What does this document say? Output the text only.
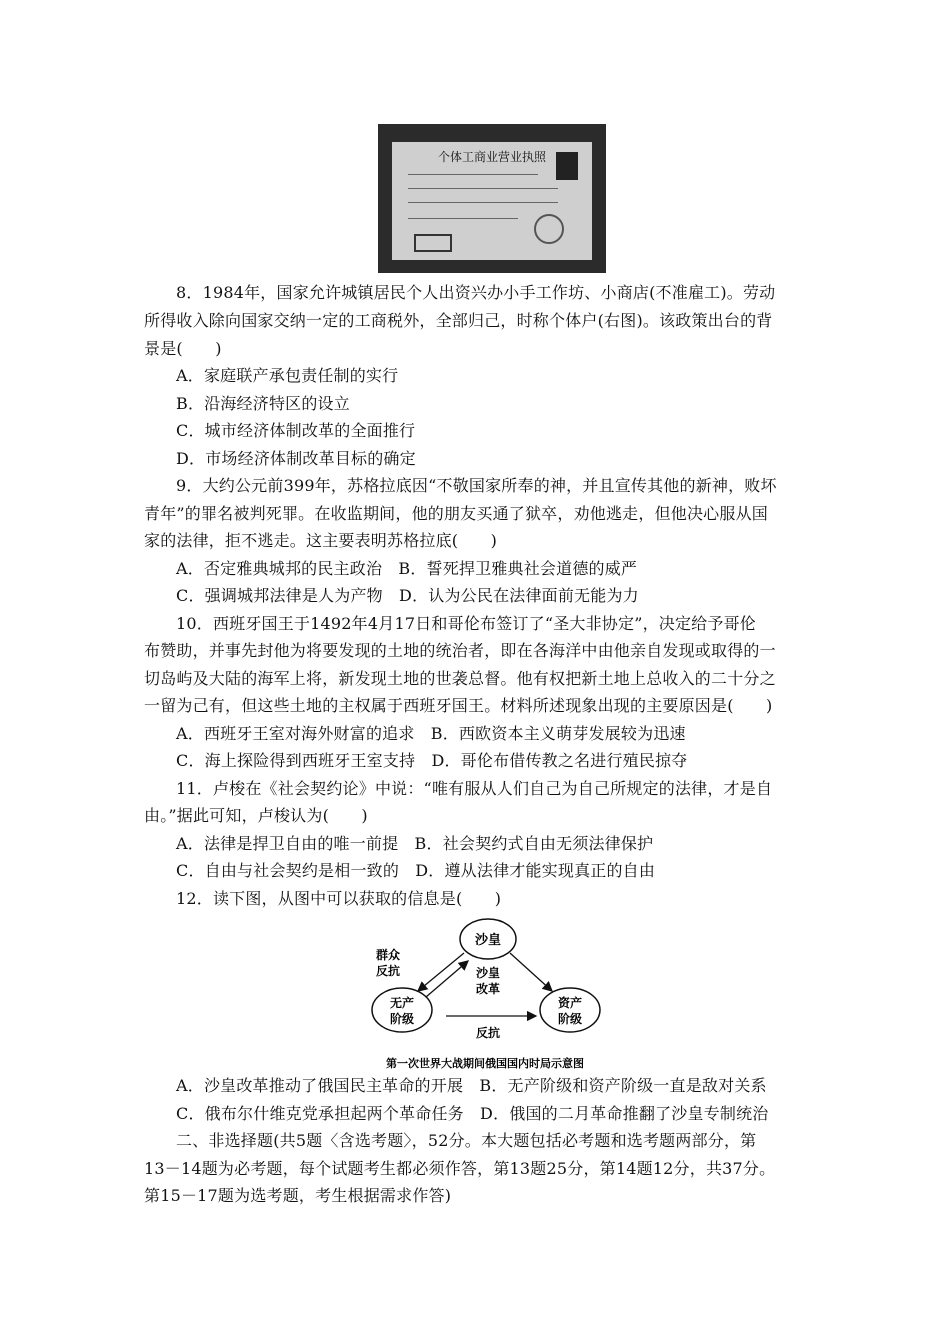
个体工商业营业执照
8．1984年，国家允许城镇居民个人出资兴办小手工作坊、小商店(不准雇工)。劳动
所得收入除向国家交纳一定的工商税外，全部归己，时称个体户(右图)。该政策出台的背
景是(　　)
A．家庭联产承包责任制的实行
B．沿海经济特区的设立
C．城市经济体制改革的全面推行
D．市场经济体制改革目标的确定
9．大约公元前399年，苏格拉底因“不敬国家所奉的神，并且宣传其他的新神，败坏
青年”的罪名被判死罪。在收监期间，他的朋友买通了狱卒，劝他逃走，但他决心服从国
家的法律，拒不逃走。这主要表明苏格拉底(　　)
A．否定雅典城邦的民主政治　B．誓死捍卫雅典社会道德的威严
C．强调城邦法律是人为产物　D．认为公民在法律面前无能为力
10．西班牙国王于1492年4月17日和哥伦布签订了“圣大非协定”，决定给予哥伦
布赞助，并事先封他为将要发现的土地的统治者，即在各海洋中由他亲自发现或取得的一
切岛屿及大陆的海军上将，新发现土地的世袭总督。他有权把新土地上总收入的二十分之
一留为己有，但这些土地的主权属于西班牙国王。材料所述现象出现的主要原因是(　　)
A．西班牙王室对海外财富的追求　B．西欧资本主义萌芽发展较为迅速
C．海上探险得到西班牙王室支持　D．哥伦布借传教之名进行殖民掠夺
11．卢梭在《社会契约论》中说：“唯有服从人们自己为自己所规定的法律，才是自
由。”据此可知，卢梭认为(　　)
A．法律是捍卫自由的唯一前提　B．社会契约式自由无须法律保护
C．自由与社会契约是相一致的　D．遵从法律才能实现真正的自由
12．读下图，从图中可以获取的信息是(　　)
沙皇
无产
阶级
资产
阶级
群众
反抗	沙皇
改革
反抗
第一次世界大战期间俄国国内时局示意图
A．沙皇改革推动了俄国民主革命的开展　B．无产阶级和资产阶级一直是敌对关系
C．俄布尔什维克党承担起两个革命任务　D．俄国的二月革命推翻了沙皇专制统治
二、非选择题(共5题〈含选考题〉，52分。本大题包括必考题和选考题两部分，第
13－14题为必考题，每个试题考生都必须作答，第13题25分，第14题12分，共37分。
第15－17题为选考题，考生根据需求作答)
